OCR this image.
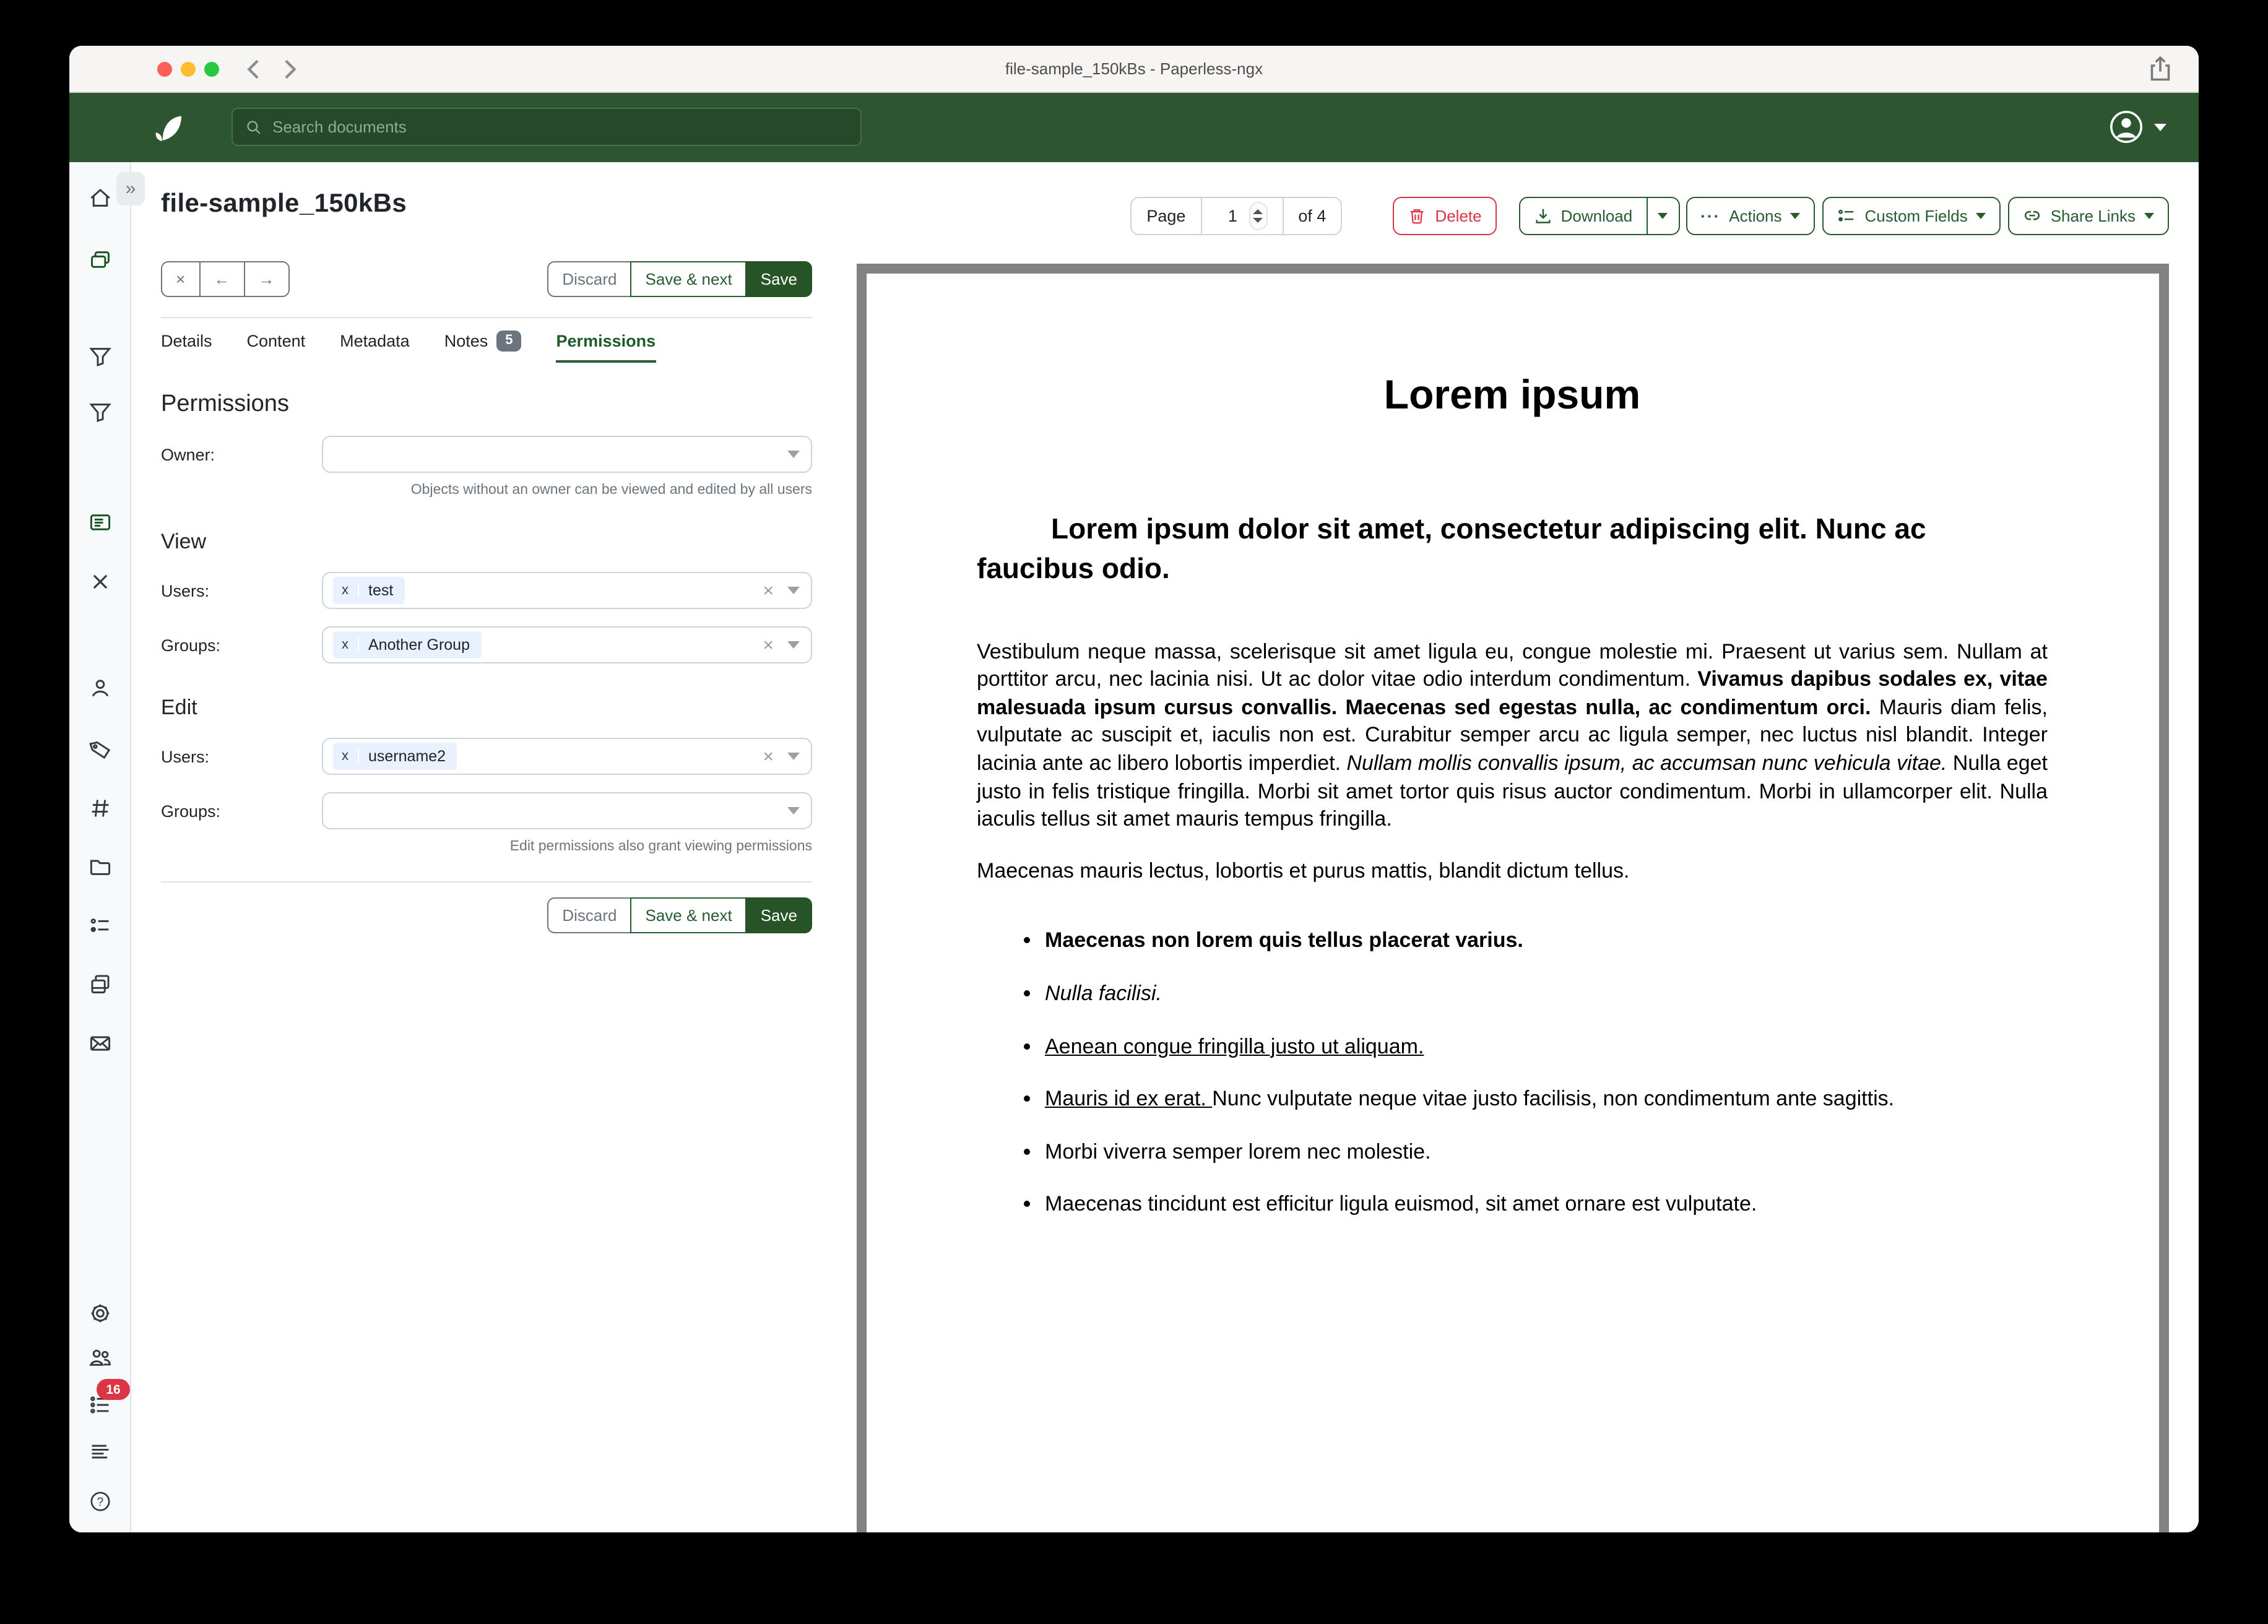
file-sample_150kBs - Paperless-ngx
Search documents
16
?
»
Page
1	of 4	Delete	Download	··· Actions	Custom Fields	Share Links
file-sample_150kBs
×	←	→	Discard	Save & next	Save
Details	Content	Metadata	Notes	5	Permissions
Permissions
Owner:
Objects without an owner can be viewed and edited by all users
View
Users:	x	test	×
Groups:	x	Another Group	×
Edit
Users:	x	username2	×
Groups:
Edit permissions also grant viewing permissions
Discard	Save & next	Save
Lorem ipsum
Lorem ipsum dolor sit amet, consectetur adipiscing elit. Nunc ac faucibus odio.

Vestibulum neque massa, scelerisque sit amet ligula eu, congue molestie mi. Praesent ut varius sem. Nullam at porttitor arcu, nec lacinia nisi. Ut ac dolor vitae odio interdum condimentum. Vivamus dapibus sodales ex, vitae malesuada ipsum cursus convallis. Maecenas sed egestas nulla, ac condimentum orci. Mauris diam felis, vulputate ac suscipit et, iaculis non est. Curabitur semper arcu ac ligula semper, nec luctus nisl blandit. Integer lacinia ante ac libero lobortis imperdiet. Nullam mollis convallis ipsum, ac accumsan nunc vehicula vitae. Nulla eget justo in felis tristique fringilla. Morbi sit amet tortor quis risus auctor condimentum. Morbi in ullamcorper elit. Nulla iaculis tellus sit amet mauris tempus fringilla.

Maecenas mauris lectus, lobortis et purus mattis, blandit dictum tellus.

• Maecenas non lorem quis tellus placerat varius.
• Nulla facilisi.
• Aenean congue fringilla justo ut aliquam.
• Mauris id ex erat. Nunc vulputate neque vitae justo facilisis, non condimentum ante sagittis.
• Morbi viverra semper lorem nec molestie.
• Maecenas tincidunt est efficitur ligula euismod, sit amet ornare est vulputate.
